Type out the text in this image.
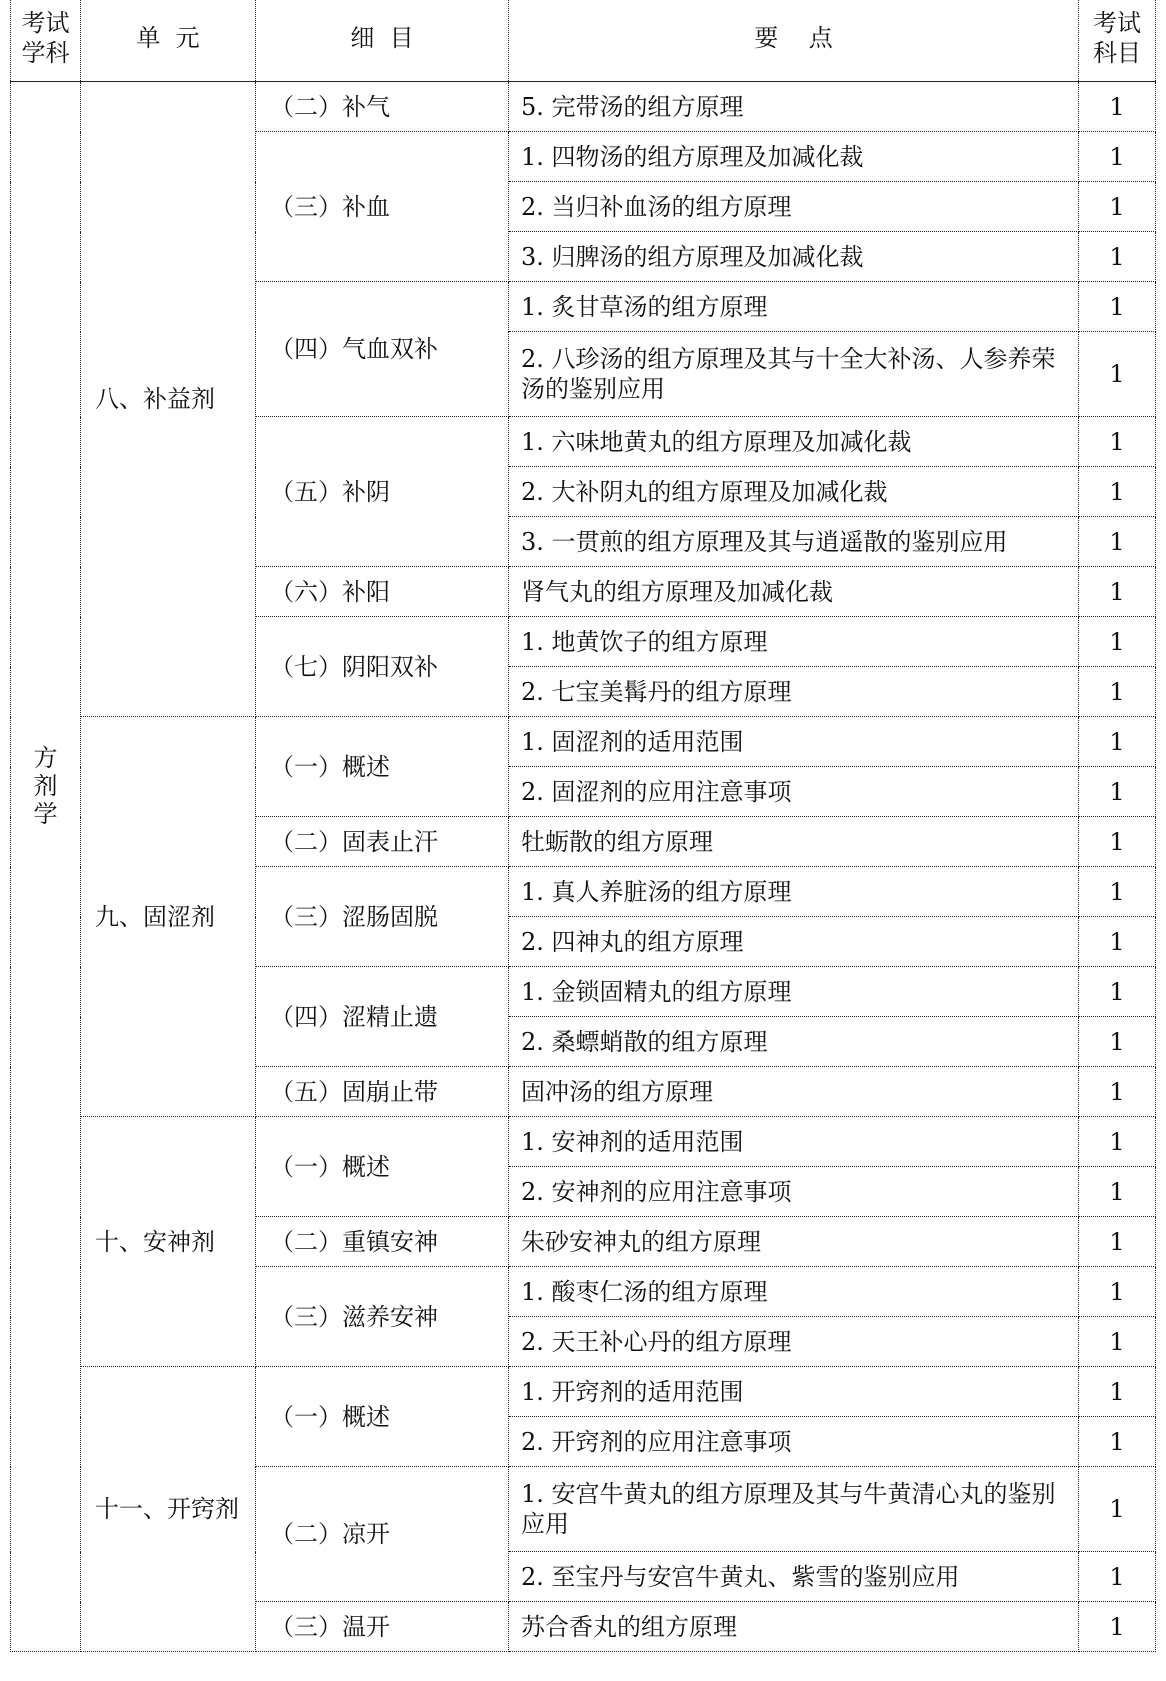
考试学科	单  元	细  目	要    点	考试科目
方剂学	八、补益剂	（二）补气	5. 完带汤的组方原理	1
		（三）补血	1. 四物汤的组方原理及加减化裁	1
			2. 当归补血汤的组方原理	1
			3. 归脾汤的组方原理及加减化裁	1
		（四）气血双补	1. 炙甘草汤的组方原理	1
			2. 八珍汤的组方原理及其与十全大补汤、人参养荣汤的鉴别应用	1
		（五）补阴	1. 六味地黄丸的组方原理及加减化裁	1
			2. 大补阴丸的组方原理及加减化裁	1
			3. 一贯煎的组方原理及其与逍遥散的鉴别应用	1
		（六）补阳	肾气丸的组方原理及加减化裁	1
		（七）阴阳双补	1. 地黄饮子的组方原理	1
			2. 七宝美髯丹的组方原理	1
	九、固涩剂	（一）概述	1. 固涩剂的适用范围	1
			2. 固涩剂的应用注意事项	1
		（二）固表止汗	牡蛎散的组方原理	1
		（三）涩肠固脱	1. 真人养脏汤的组方原理	1
			2. 四神丸的组方原理	1
		（四）涩精止遗	1. 金锁固精丸的组方原理	1
			2. 桑螵蛸散的组方原理	1
		（五）固崩止带	固冲汤的组方原理	1
	十、安神剂	（一）概述	1. 安神剂的适用范围	1
			2. 安神剂的应用注意事项	1
		（二）重镇安神	朱砂安神丸的组方原理	1
		（三）滋养安神	1. 酸枣仁汤的组方原理	1
			2. 天王补心丹的组方原理	1
	十一、开窍剂	（一）概述	1. 开窍剂的适用范围	1
			2. 开窍剂的应用注意事项	1
		（二）凉开	1. 安宫牛黄丸的组方原理及其与牛黄清心丸的鉴别应用	1
			2. 至宝丹与安宫牛黄丸、紫雪的鉴别应用	1
		（三）温开	苏合香丸的组方原理	1
